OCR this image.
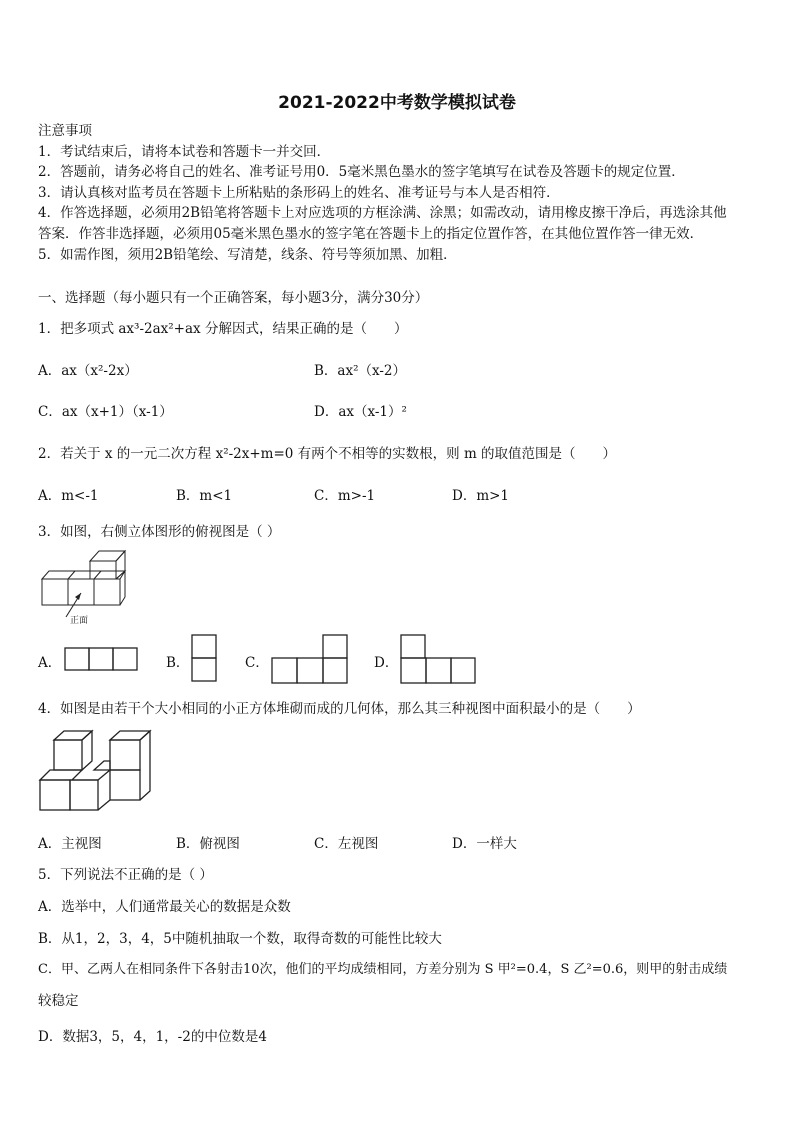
2021-2022中考数学模拟试卷
注意事项
1．考试结束后，请将本试卷和答题卡一并交回．
2．答题前，请务必将自己的姓名、准考证号用0．5毫米黑色墨水的签字笔填写在试卷及答题卡的规定位置．
3．请认真核对监考员在答题卡上所粘贴的条形码上的姓名、准考证号与本人是否相符．
4．作答选择题，必须用2B铅笔将答题卡上对应选项的方框涂满、涂黑；如需改动，请用橡皮擦干净后，再选涂其他
答案．作答非选择题，必须用05毫米黑色墨水的签字笔在答题卡上的指定位置作答，在其他位置作答一律无效．
5．如需作图，须用2B铅笔绘、写清楚，线条、符号等须加黑、加粗．
一、选择题（每小题只有一个正确答案，每小题3分，满分30分）
1．把多项式 ax³-2ax²+ax 分解因式，结果正确的是（　　）
A．ax（x²-2x）	B．ax²（x-2）
C．ax（x+1）（x-1）	D．ax（x-1）²
2．若关于 x 的一元二次方程 x²-2x+m=0 有两个不相等的实数根，则 m 的取值范围是（　　）
A．m<-1	B．m<1	C．m>-1	D．m>1
3．如图，右侧立体图形的俯视图是（ ）
正面
A．	B．	C．	D．
4．如图是由若干个大小相同的小正方体堆砌而成的几何体，那么其三种视图中面积最小的是（　　）
A．主视图	B．俯视图	C．左视图	D．一样大
5．下列说法不正确的是（ ）
A．选举中，人们通常最关心的数据是众数
B．从1，2，3，4，5中随机抽取一个数，取得奇数的可能性比较大
C．甲、乙两人在相同条件下各射击10次，他们的平均成绩相同，方差分别为 S 甲²=0.4，S 乙²=0.6，则甲的射击成绩
较稳定
D．数据3，5，4，1，-2的中位数是4
